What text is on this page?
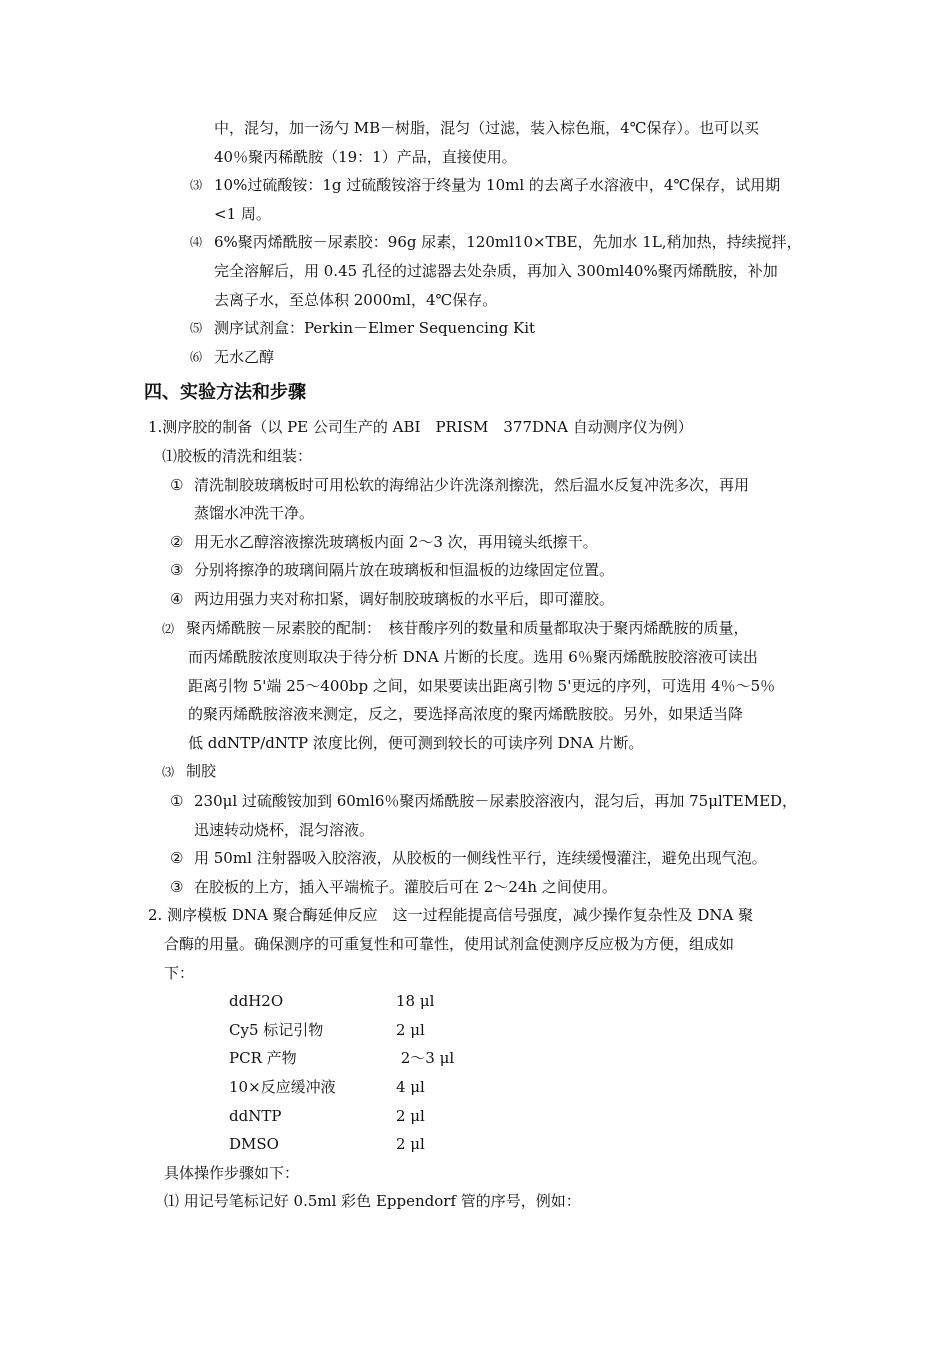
中，混匀，加一汤勺 MB－树脂，混匀（过滤，装入棕色瓶，4℃保存）。也可以买
40％聚丙稀酰胺（19：1）产品，直接使用。
⑶ 10%过硫酸铵：1g 过硫酸铵溶于终量为 10ml 的去离子水溶液中，4℃保存，试用期
<1 周。
⑷ 6%聚丙烯酰胺－尿素胶：96g 尿素，120ml10×TBE，先加水 1L,稍加热，持续搅拌，
完全溶解后，用 0.45 孔径的过滤器去处杂质，再加入 300ml40%聚丙烯酰胺，补加
去离子水，至总体积 2000ml，4℃保存。
⑸ 测序试剂盒：Perkin－Elmer Sequencing Kit
⑹ 无水乙醇
四、实验方法和步骤
1.测序胶的制备（以 PE 公司生产的 ABI　PRISM　377DNA 自动测序仪为例）
⑴胶板的清洗和组装：
① 清洗制胶玻璃板时可用松软的海绵沾少许洗涤剂擦洗，然后温水反复冲洗多次，再用
蒸馏水冲洗干净。
② 用无水乙醇溶液擦洗玻璃板内面 2～3 次，再用镜头纸擦干。
③ 分别将擦净的玻璃间隔片放在玻璃板和恒温板的边缘固定位置。
④ 两边用强力夹对称扣紧，调好制胶玻璃板的水平后，即可灌胶。
⑵ 聚丙烯酰胺－尿素胶的配制：　核苷酸序列的数量和质量都取决于聚丙烯酰胺的质量，
而丙烯酰胺浓度则取决于待分析 DNA 片断的长度。选用 6％聚丙烯酰胺胶溶液可读出
距离引物 5'端 25～400bp 之间，如果要读出距离引物 5'更远的序列，可选用 4％～5％
的聚丙烯酰胺溶液来测定，反之，要选择高浓度的聚丙烯酰胺胶。另外，如果适当降
低 ddNTP/dNTP 浓度比例，便可测到较长的可读序列 DNA 片断。
⑶ 制胶
① 230μl 过硫酸铵加到 60ml6％聚丙烯酰胺－尿素胶溶液内，混匀后，再加 75μlTEMED，
迅速转动烧杯，混匀溶液。
② 用 50ml 注射器吸入胶溶液，从胶板的一侧线性平行，连续缓慢灌注，避免出现气泡。
③ 在胶板的上方，插入平端梳子。灌胶后可在 2～24h 之间使用。
2. 测序模板 DNA 聚合酶延伸反应　这一过程能提高信号强度，减少操作复杂性及 DNA 聚
合酶的用量。确保测序的可重复性和可靠性，使用试剂盒使测序反应极为方便，组成如
下：
ddH2O	18 μl
Cy5 标记引物	2 μl
PCR 产物	2～3 μl
10×反应缓冲液	4 μl
ddNTP	2 μl
DMSO	2 μl
具体操作步骤如下：
⑴ 用记号笔标记好 0.5ml 彩色 Eppendorf 管的序号，例如：
